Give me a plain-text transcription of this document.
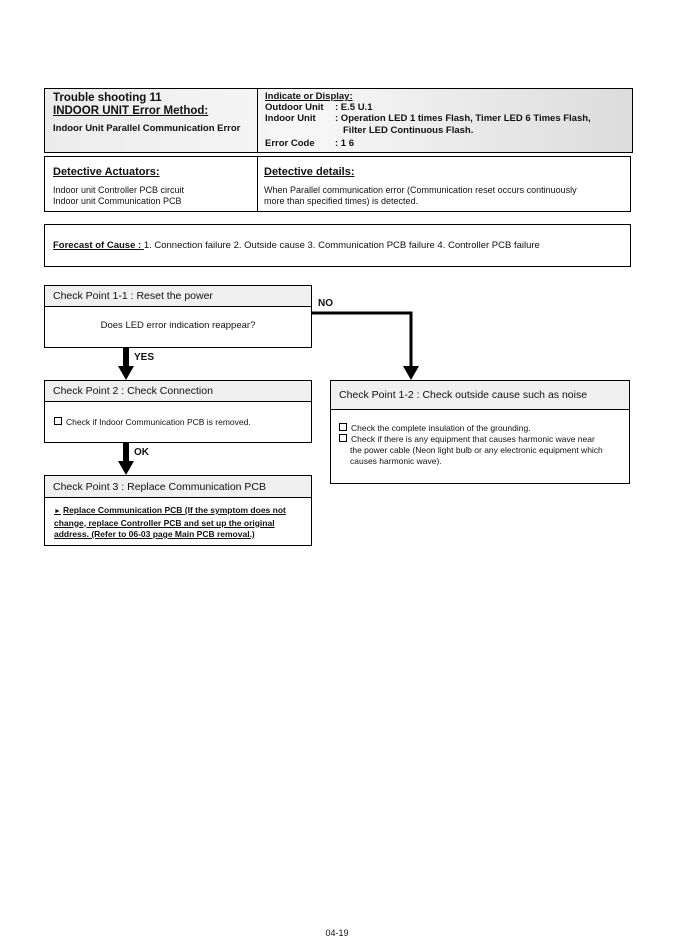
Trouble shooting 11
INDOOR UNIT Error Method:
Indoor Unit Parallel Communication Error
Indicate or Display:
Outdoor Unit : E.5 U.1
Indoor Unit : Operation LED 1 times Flash, Timer LED 6 Times Flash,
Filter LED Continuous Flash.
Error Code : 1 6
Detective Actuators:
Indoor unit Controller PCB circuit
Indoor unit Communication PCB
Detective details:
When Parallel communication error (Communication reset occurs continuously
more than specified times) is detected.
Forecast of Cause : 1. Connection failure 2. Outside cause 3. Communication PCB failure 4. Controller PCB failure
YES
OK
NO
Check Point 1-1 : Reset the power
Does LED error indication reappear?
Check Point 2 : Check Connection
Check if Indoor Communication PCB is removed.
Check Point 3 : Replace Communication PCB
► Replace Communication PCB (If the symptom does not
change, replace Controller PCB and set up the original
address. (Refer to 06-03 page Main PCB removal.)
Check Point 1-2 : Check outside cause such as noise
Check the complete insulation of the grounding.
Check if there is any equipment that causes harmonic wave near
the power cable (Neon light bulb or any electronic equipment which
causes harmonic wave).
04-19
